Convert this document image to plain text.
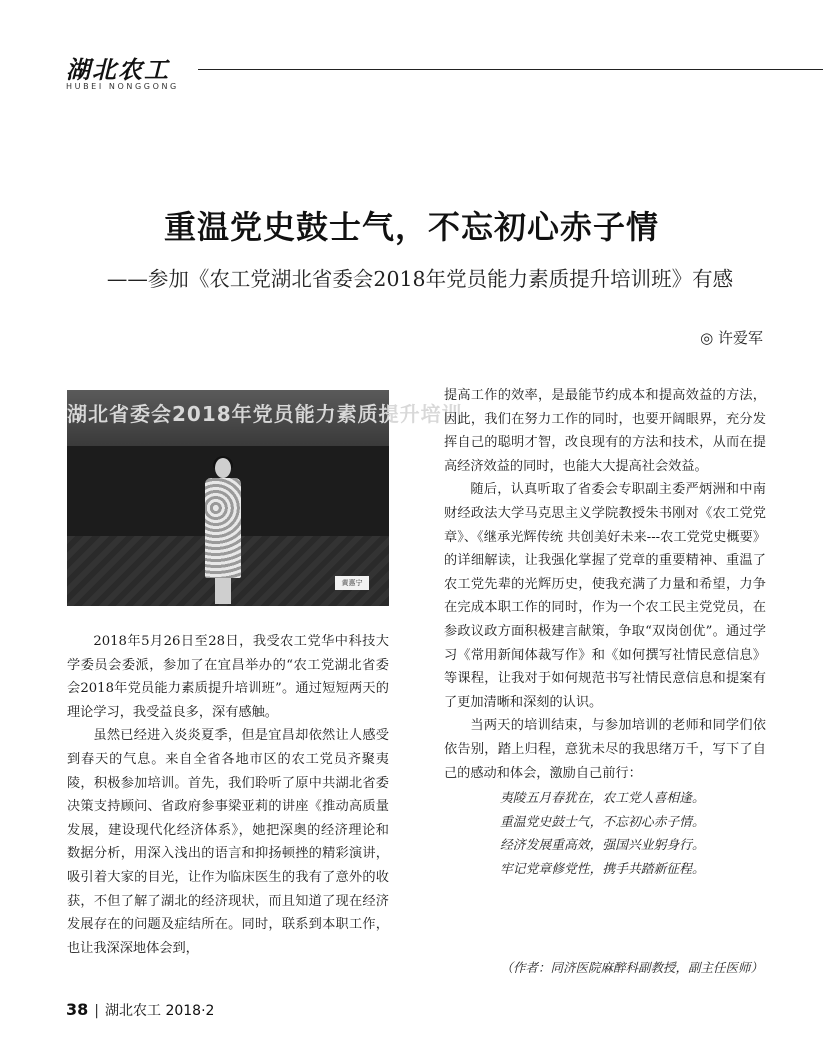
湖北农工
HUBEI NONGGONG
重温党史鼓士气，不忘初心赤子情
——参加《农工党湖北省委会2018年党员能力素质提升培训班》有感
◎ 许爱军
湖北省委会2018年党员能力素质提升培训
黄惠宁

2018年5月26日至28日，我受农工党华中科技大学委员会委派，参加了在宜昌举办的“农工党湖北省委会2018年党员能力素质提升培训班”。通过短短两天的理论学习，我受益良多，深有感触。

虽然已经进入炎炎夏季，但是宜昌却依然让人感受到春天的气息。来自全省各地市区的农工党员齐聚夷陵，积极参加培训。首先，我们聆听了原中共湖北省委决策支持顾问、省政府参事梁亚莉的讲座《推动高质量发展，建设现代化经济体系》，她把深奥的经济理论和数据分析，用深入浅出的语言和抑扬顿挫的精彩演讲，吸引着大家的目光，让作为临床医生的我有了意外的收获，不但了解了湖北的经济现状，而且知道了现在经济发展存在的问题及症结所在。同时，联系到本职工作，也让我深深地体会到，

提高工作的效率，是最能节约成本和提高效益的方法，因此，我们在努力工作的同时，也要开阔眼界，充分发挥自己的聪明才智，改良现有的方法和技术，从而在提高经济效益的同时，也能大大提高社会效益。

随后，认真听取了省委会专职副主委严炳洲和中南财经政法大学马克思主义学院教授朱书刚对《农工党党章》、《继承光辉传统 共创美好未来---农工党党史概要》的详细解读，让我强化掌握了党章的重要精神、重温了农工党先辈的光辉历史，使我充满了力量和希望，力争在完成本职工作的同时，作为一个农工民主党党员，在参政议政方面积极建言献策，争取“双岗创优”。通过学习《常用新闻体裁写作》和《如何撰写社情民意信息》等课程，让我对于如何规范书写社情民意信息和提案有了更加清晰和深刻的认识。

当两天的培训结束，与参加培训的老师和同学们依依告别，踏上归程，意犹未尽的我思绪万千，写下了自己的感动和体会，激励自己前行：

夷陵五月春犹在，农工党人喜相逢。
重温党史鼓士气，不忘初心赤子情。
经济发展重高效，强国兴业躬身行。
牢记党章修党性，携手共踏新征程。
（作者：同济医院麻醉科副教授，副主任医师）
38 | 湖北农工 2018·2
